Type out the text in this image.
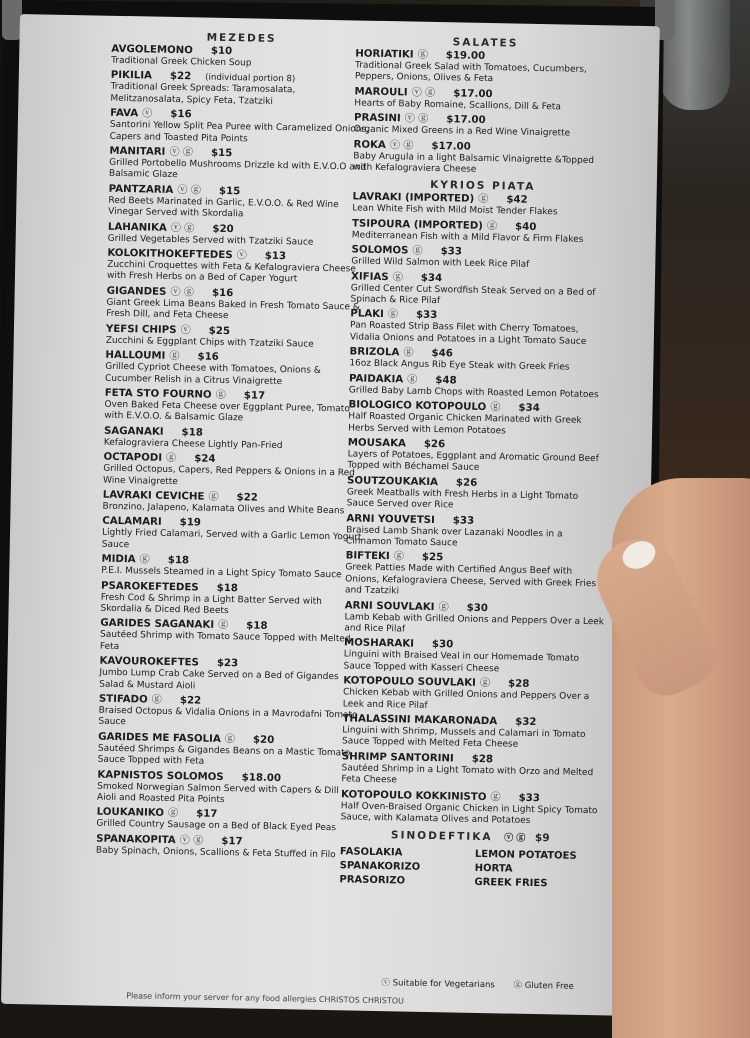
MEZEDES
AVGOLEMONO $10
Traditional Greek Chicken Soup
PIKILIA $22 (individual portion 8)
Traditional Greek Spreads: Taramosalata, Melitzanosalata, Spicy Feta, Tzatziki
FAVA ⓥ $16
Santorini Yellow Split Pea Puree with Caramelized Onions, Capers and Toasted Pita Points
MANITARI ⓥ ⓖ $15
Grilled Portobello Mushrooms Drizzle kd with E.V.O.O and Balsamic Glaze
PANTZARIA ⓥ ⓖ $15
Red Beets Marinated in Garlic, E.V.O.O. & Red Wine Vinegar Served with Skordalia
LAHANIKA ⓥ ⓖ $20
Grilled Vegetables Served with Tzatziki Sauce
KOLOKITHOKEFTEDES ⓥ $13
Zucchini Croquettes with Feta & Kefalograviera Cheese with Fresh Herbs on a Bed of Caper Yogurt
GIGANDES ⓥ ⓖ $16
Giant Greek Lima Beans Baked in Fresh Tomato Sauce & Fresh Dill, and Feta Cheese
YEFSI CHIPS ⓥ $25
Zucchini & Eggplant Chips with Tzatziki Sauce
HALLOUMI ⓖ $16
Grilled Cypriot Cheese with Tomatoes, Onions & Cucumber Relish in a Citrus Vinaigrette
FETA STO FOURNO ⓖ $17
Oven Baked Feta Cheese over Eggplant Puree, Tomato with E.V.O.O. & Balsamic Glaze
SAGANAKI $18
Kefalograviera Cheese Lightly Pan-Fried
OCTAPODI ⓖ $24
Grilled Octopus, Capers, Red Peppers & Onions in a Red Wine Vinaigrette
LAVRAKI CEVICHE ⓖ $22
Bronzino, Jalapeno, Kalamata Olives and White Beans
CALAMARI $19
Lightly Fried Calamari, Served with a Garlic Lemon Yogurt Sauce
MIDIA ⓖ $18
P.E.I. Mussels Steamed in a Light Spicy Tomato Sauce
PSAROKEFTEDES $18
Fresh Cod & Shrimp in a Light Batter Served with Skordalia & Diced Red Beets
GARIDES SAGANAKI ⓖ $18
Sautéed Shrimp with Tomato Sauce Topped with Melted Feta
KAVOUROKEFTES $23
Jumbo Lump Crab Cake Served on a Bed of Gigandes Salad & Mustard Aioli
STIFADO ⓖ $22
Braised Octopus & Vidalia Onions in a Mavrodafni Tomato Sauce
GARIDES ME FASOLIA ⓖ $20
Sautéed Shrimps & Gigandes Beans on a Mastic Tomato Sauce Topped with Feta
KAPNISTOS SOLOMOS $18.00
Smoked Norwegian Salmon Served with Capers & Dill Aioli and Roasted Pita Points
LOUKANIKO ⓖ $17
Grilled Country Sausage on a Bed of Black Eyed Peas
SPANAKOPITA ⓥ ⓖ $17
Baby Spinach, Onions, Scallions & Feta Stuffed in Filo
SALATES
HORIATIKI ⓖ $19.00
Traditional Greek Salad with Tomatoes, Cucumbers, Peppers, Onions, Olives & Feta
MAROULI ⓥ ⓖ $17.00
Hearts of Baby Romaine, Scallions, Dill & Feta
PRASINI ⓥ ⓖ $17.00
Organic Mixed Greens in a Red Wine Vinaigrette
ROKA ⓥ ⓖ $17.00
Baby Arugula in a light Balsamic Vinaigrette &Topped with Kefalograviera Cheese
KYRIOS PIATA
LAVRAKI (IMPORTED) ⓖ $42
Lean White Fish with Mild Moist Tender Flakes
TSIPOURA (IMPORTED) ⓖ $40
Mediterranean Fish with a Mild Flavor & Firm Flakes
SOLOMOS ⓖ $33
Grilled Wild Salmon with Leek Rice Pilaf
XIFIAS ⓖ $34
Grilled Center Cut Swordfish Steak Served on a Bed of Spinach & Rice Pilaf
PLAKI ⓖ $33
Pan Roasted Strip Bass Filet with Cherry Tomatoes, Vidalia Onions and Potatoes in a Light Tomato Sauce
BRIZOLA ⓖ $46
16oz Black Angus Rib Eye Steak with Greek Fries
PAIDAKIA ⓖ $48
Grilled Baby Lamb Chops with Roasted Lemon Potatoes
BIOLOGICO KOTOPOULO ⓖ $34
Half Roasted Organic Chicken Marinated with Greek Herbs Served with Lemon Potatoes
MOUSAKA $26
Layers of Potatoes, Eggplant and Aromatic Ground Beef Topped with Béchamel Sauce
SOUTZOUKAKIA $26
Greek Meatballs with Fresh Herbs in a Light Tomato Sauce Served over Rice
ARNI YOUVETSI $33
Braised Lamb Shank over Lazanaki Noodles in a Cinnamon Tomato Sauce
BIFTEKI ⓖ $25
Greek Patties Made with Certified Angus Beef with Onions, Kefalograviera Cheese, Served with Greek Fries and Tzatziki
ARNI SOUVLAKI ⓖ $30
Lamb Kebab with Grilled Onions and Peppers Over a Leek and Rice Pilaf
MOSHARAKI $30
Linguini with Braised Veal in our Homemade Tomato Sauce Topped with Kasseri Cheese
KOTOPOULO SOUVLAKI ⓖ $28
Chicken Kebab with Grilled Onions and Peppers Over a Leek and Rice Pilaf
THALASSINI MAKARONADA $32
Linguini with Shrimp, Mussels and Calamari in Tomato Sauce Topped with Melted Feta Cheese
SHRIMP SANTORINI $28
Sautéed Shrimp in a Light Tomato with Orzo and Melted Feta Cheese
KOTOPOULO KOKKINISTO ⓖ $33
Half Oven-Braised Organic Chicken in Light Spicy Tomato Sauce, with Kalamata Olives and Potatoes
SINODEFTIKA ⓥ ⓖ $9
FASOLAKIA	LEMON POTATOES
SPANAKORIZO	HORTA
PRASORIZO	GREEK FRIES
ⓥ Suitable for Vegetarians ⓖ Gluten Free
Please inform your server for any food allergies CHRISTOS CHRISTOU
